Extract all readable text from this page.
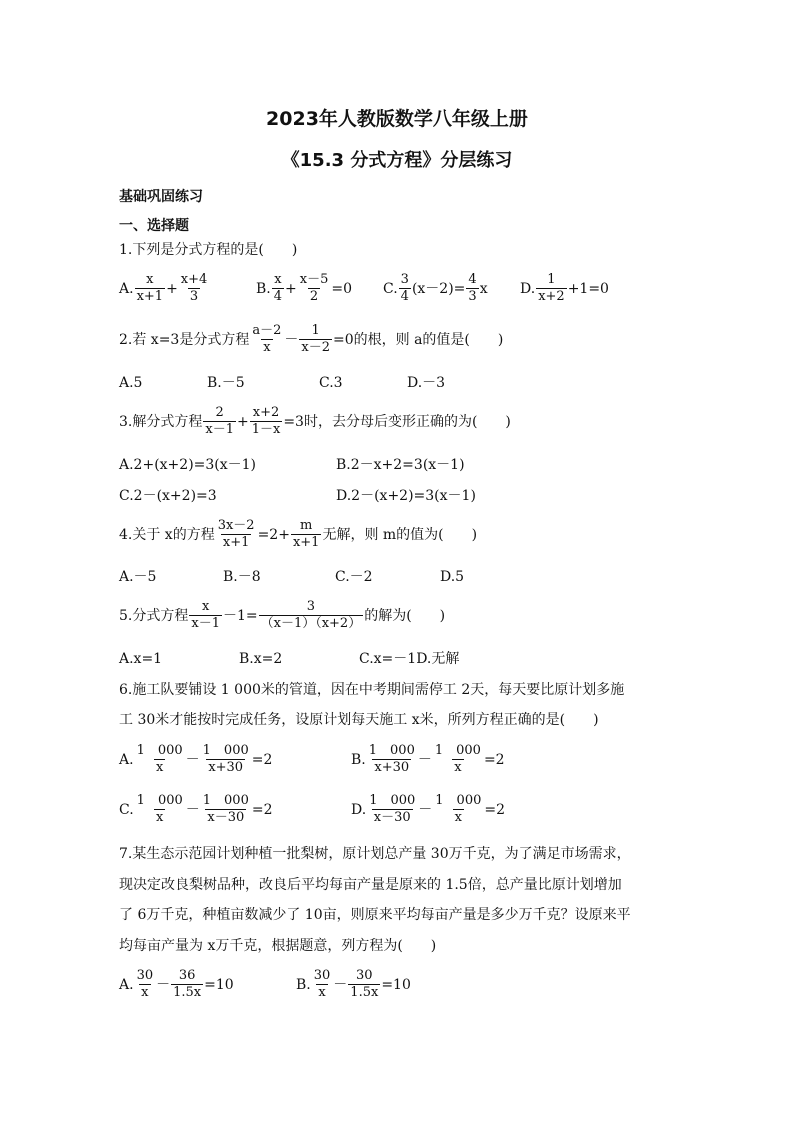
2023年人教版数学八年级上册
《15.3 分式方程》分层练习
基础巩固练习
一、选择题
1.下列是分式方程的是(　　)
A. $\frac{x}{x+1} + \frac{x+4}{3}$	B. $\frac{x}{4} + \frac{x-5}{2} =0$ C. $\frac{3}{4} (x-2)= \frac{4}{3}$ x D. $\frac{1}{x+2} +1=0$
2.若 x=3是分式方程 $\frac{a-2}{x} - \frac{1}{x-2} =0$的根，则 a的值是(　　)
A.5	B.－5	C.3	D.－3
3.解分式方程 $\frac{2}{x-1} + \frac{x+2}{1-x} =3$时，去分母后变形正确的为(　　)
A.2+(x+2)=3(x－1)	B.2－x+2=3(x－1)
C.2－(x+2)=3	D.2－(x+2)=3(x－1)
4.关于 x的方程 $\frac{3x-2}{x+1} =2+ \frac{m}{x+1}$ 无解，则 m的值为(　　)
A.－5	B.－8	C.－2	D.5
5.分式方程 $\frac{x}{x-1} -1= \frac{3}{(x-1)(x+2)}$ 的解为(　　)
A.x=1	B.x=2	C.x=－1D.无解
6.施工队要铺设 1 000米的管道，因在中考期间需停工 2天，每天要比原计划多施
工 30米才能按时完成任务，设原计划每天施工 x米，所列方程正确的是(　　)
A. $\frac{1 000}{x} - \frac{1 000}{x+30} =2$	B. $\frac{1 000}{x+30} - \frac{1 000}{x} =2$
C. $\frac{1 000}{x} - \frac{1 000}{x-30} =2$	D. $\frac{1 000}{x-30} - \frac{1 000}{x} =2$
7.某生态示范园计划种植一批梨树，原计划总产量 30万千克，为了满足市场需求，
现决定改良梨树品种，改良后平均每亩产量是原来的 1.5倍，总产量比原计划增加
了 6万千克，种植亩数减少了 10亩，则原来平均每亩产量是多少万千克？设原来平
均每亩产量为 x万千克，根据题意，列方程为(　　)
A. $\frac{30}{x} - \frac{36}{1.5x} =10$	B. $\frac{30}{x} - \frac{30}{1.5x} =10$
